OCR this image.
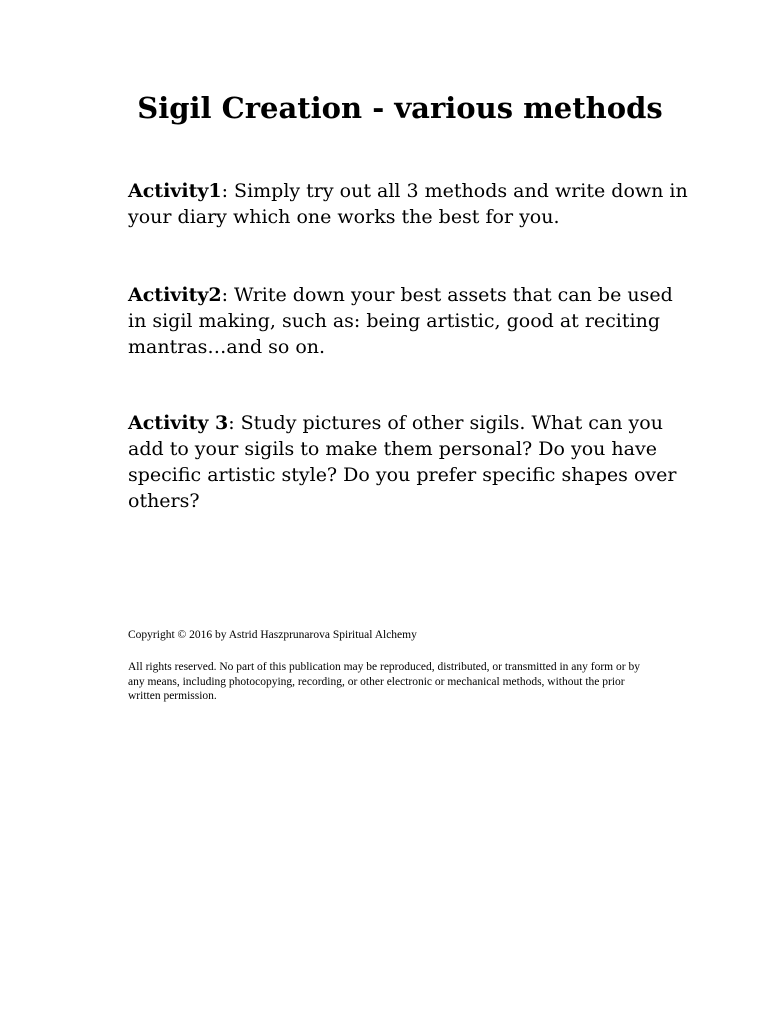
Sigil Creation - various methods

Activity1: Simply try out all 3 methods and write down in your diary which one works the best for you.

Activity2: Write down your best assets that can be used in sigil making, such as: being artistic, good at reciting mantras…and so on.

Activity 3: Study pictures of other sigils. What can you add to your sigils to make them personal? Do you have specific artistic style? Do you prefer specific shapes over others?

Copyright © 2016 by Astrid Haszprunarova Spiritual Alchemy

All rights reserved. No part of this publication may be reproduced, distributed, or transmitted in any form or by any means, including photocopying, recording, or other electronic or mechanical methods, without the prior written permission.
